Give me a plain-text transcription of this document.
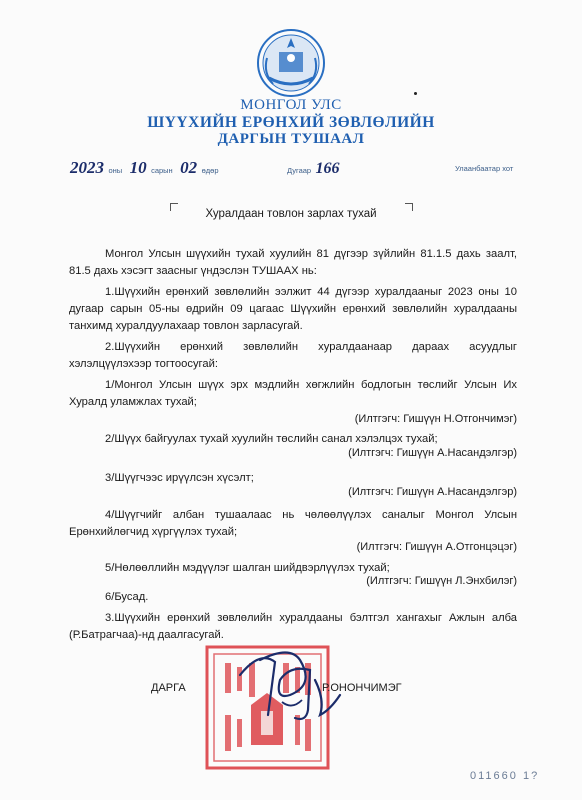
МОНГОЛ УЛС
ШҮҮХИЙН ЕРӨНХИЙ ЗӨВЛӨЛИЙН
ДАРГЫН ТУШААЛ
2023 оны 10 сарын 02 өдөр	Дугаар 166	Улаанбаатар хот
Хуралдаан товлон зарлах тухай
Монгол Улсын шүүхийн тухай хуулийн 81 дүгээр зүйлийн 81.1.5 дахь заалт, 81.5 дахь хэсэгт заасныг үндэслэн ТУШААХ нь:
1.Шүүхийн ерөнхий зөвлөлийн ээлжит 44 дүгээр хуралдааныг 2023 оны 10 дугаар сарын 05-ны өдрийн 09 цагаас Шүүхийн ерөнхий зөвлөлийн хуралдааны танхимд хуралдуулахаар товлон зарласугай.
2.Шүүхийн ерөнхий зөвлөлийн хуралдаанаар дараах асуудлыг хэлэлцүүлэхээр тогтоосугай:
1/Монгол Улсын шүүх эрх мэдлийн хөгжлийн бодлогын төслийг Улсын Их Хуралд уламжлах тухай;
(Илтгэгч: Гишүүн Н.Отгончимэг)
2/Шүүх байгуулах тухай хуулийн төслийн санал хэлэлцэх тухай;
(Илтгэгч: Гишүүн А.Насандэлгэр)
3/Шүүгчээс ирүүлсэн хүсэлт;
(Илтгэгч: Гишүүн А.Насандэлгэр)
4/Шүүгчийг албан тушаалаас нь чөлөөлүүлэх саналыг Монгол Улсын Ерөнхийлөгчид хүргүүлэх тухай;
(Илтгэгч: Гишүүн А.Отгонцэцэг)
5/Нөлөөллийн мэдүүлэг шалган шийдвэрлүүлэх тухай;
(Илтгэгч: Гишүүн Л.Энхбилэг)
6/Бусад.
3.Шүүхийн ерөнхий зөвлөлийн хуралдааны бэлтгэл хангахыг Ажлын алба (Р.Батрагчаа)-нд даалгасугай.
ДАРГА	Р.ОНОНЧИМЭГ
011660 1?
